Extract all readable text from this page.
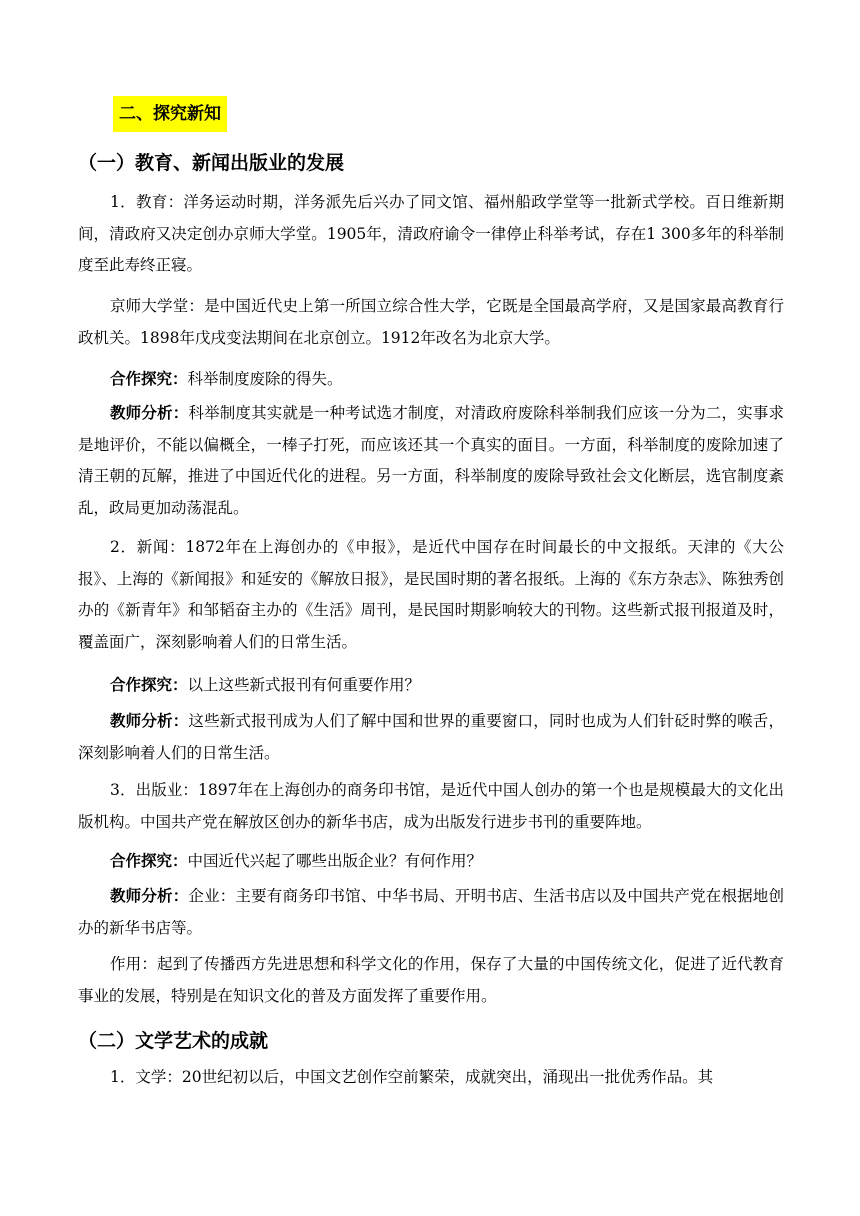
二、探究新知
（一）教育、新闻出版业的发展

1．教育：洋务运动时期，洋务派先后兴办了同文馆、福州船政学堂等一批新式学校。百日维新期间，清政府又决定创办京师大学堂。1905年，清政府谕令一律停止科举考试，存在1 300多年的科举制度至此寿终正寝。

京师大学堂：是中国近代史上第一所国立综合性大学，它既是全国最高学府，又是国家最高教育行政机关。1898年戊戌变法期间在北京创立。1912年改名为北京大学。

合作探究：科举制度废除的得失。

教师分析：科举制度其实就是一种考试选才制度，对清政府废除科举制我们应该一分为二，实事求是地评价，不能以偏概全，一棒子打死，而应该还其一个真实的面目。一方面，科举制度的废除加速了清王朝的瓦解，推进了中国近代化的进程。另一方面，科举制度的废除导致社会文化断层，选官制度紊乱，政局更加动荡混乱。

2．新闻：1872年在上海创办的《申报》，是近代中国存在时间最长的中文报纸。天津的《大公报》、上海的《新闻报》和延安的《解放日报》，是民国时期的著名报纸。上海的《东方杂志》、陈独秀创办的《新青年》和邹韬奋主办的《生活》周刊，是民国时期影响较大的刊物。这些新式报刊报道及时，覆盖面广，深刻影响着人们的日常生活。

合作探究：以上这些新式报刊有何重要作用？

教师分析：这些新式报刊成为人们了解中国和世界的重要窗口，同时也成为人们针砭时弊的喉舌，深刻影响着人们的日常生活。

3．出版业：1897年在上海创办的商务印书馆，是近代中国人创办的第一个也是规模最大的文化出版机构。中国共产党在解放区创办的新华书店，成为出版发行进步书刊的重要阵地。

合作探究：中国近代兴起了哪些出版企业？有何作用？

教师分析：企业：主要有商务印书馆、中华书局、开明书店、生活书店以及中国共产党在根据地创办的新华书店等。

作用：起到了传播西方先进思想和科学文化的作用，保存了大量的中国传统文化，促进了近代教育事业的发展，特别是在知识文化的普及方面发挥了重要作用。

（二）文学艺术的成就

1．文学：20世纪初以后，中国文艺创作空前繁荣，成就突出，涌现出一批优秀作品。其
